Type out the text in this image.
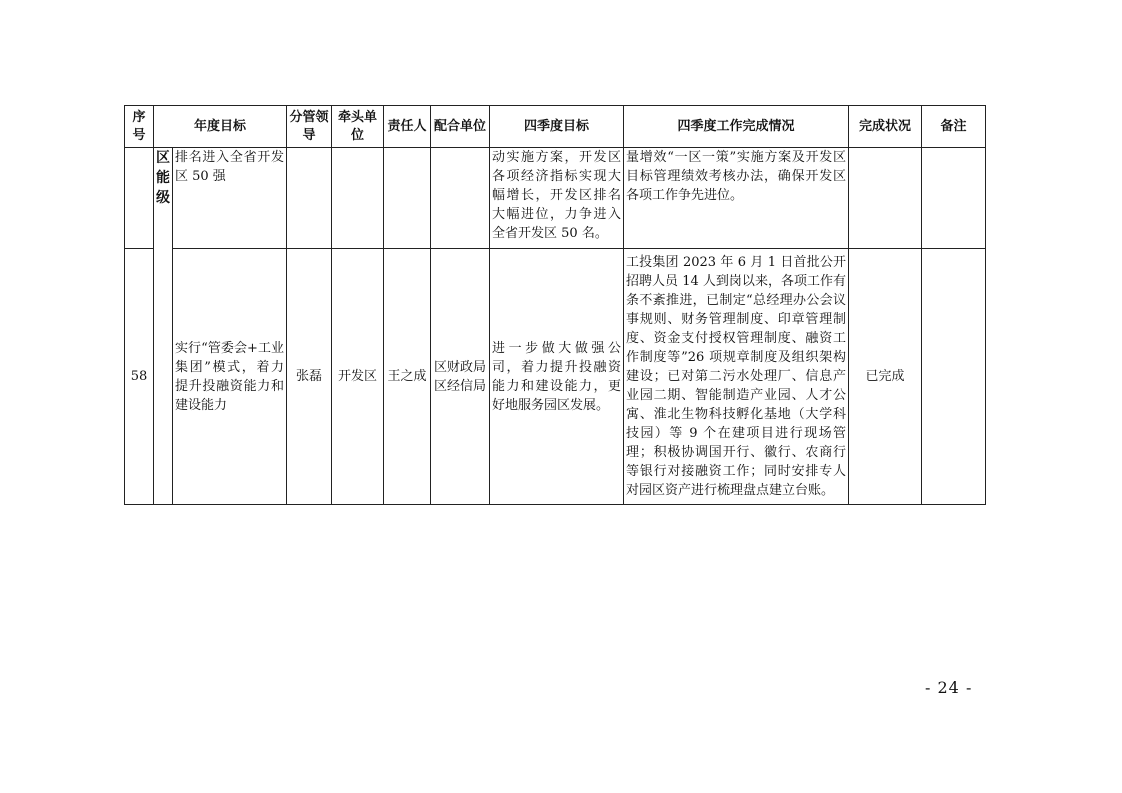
序号	年度目标		分管领导	牵头单位	责任人	配合单位	四季度目标	四季度工作完成情况	完成状况	备注
	区能级	排名进入全省开发区 50 强					动实施方案，开发区各项经济指标实现大幅增长，开发区排名大幅进位，力争进入全省开发区 50 名。	量增效“一区一策”实施方案及开发区目标管理绩效考核办法，确保开发区各项工作争先进位。		
58		实行“管委会+工业集团”模式，着力提升投融资能力和建设能力	张磊	开发区	王之成	区财政局区经信局	进一步做大做强公司，着力提升投融资能力和建设能力，更好地服务园区发展。	工投集团 2023 年 6 月 1 日首批公开招聘人员 14 人到岗以来，各项工作有条不紊推进，已制定“总经理办公会议事规则、财务管理制度、印章管理制度、资金支付授权管理制度、融资工作制度等”26 项规章制度及组织架构建设；已对第二污水处理厂、信息产业园二期、智能制造产业园、人才公寓、淮北生物科技孵化基地（大学科技园）等 9 个在建项目进行现场管理；积极协调国开行、徽行、农商行等银行对接融资工作；同时安排专人对园区资产进行梳理盘点建立台账。	已完成	
- 24 -
